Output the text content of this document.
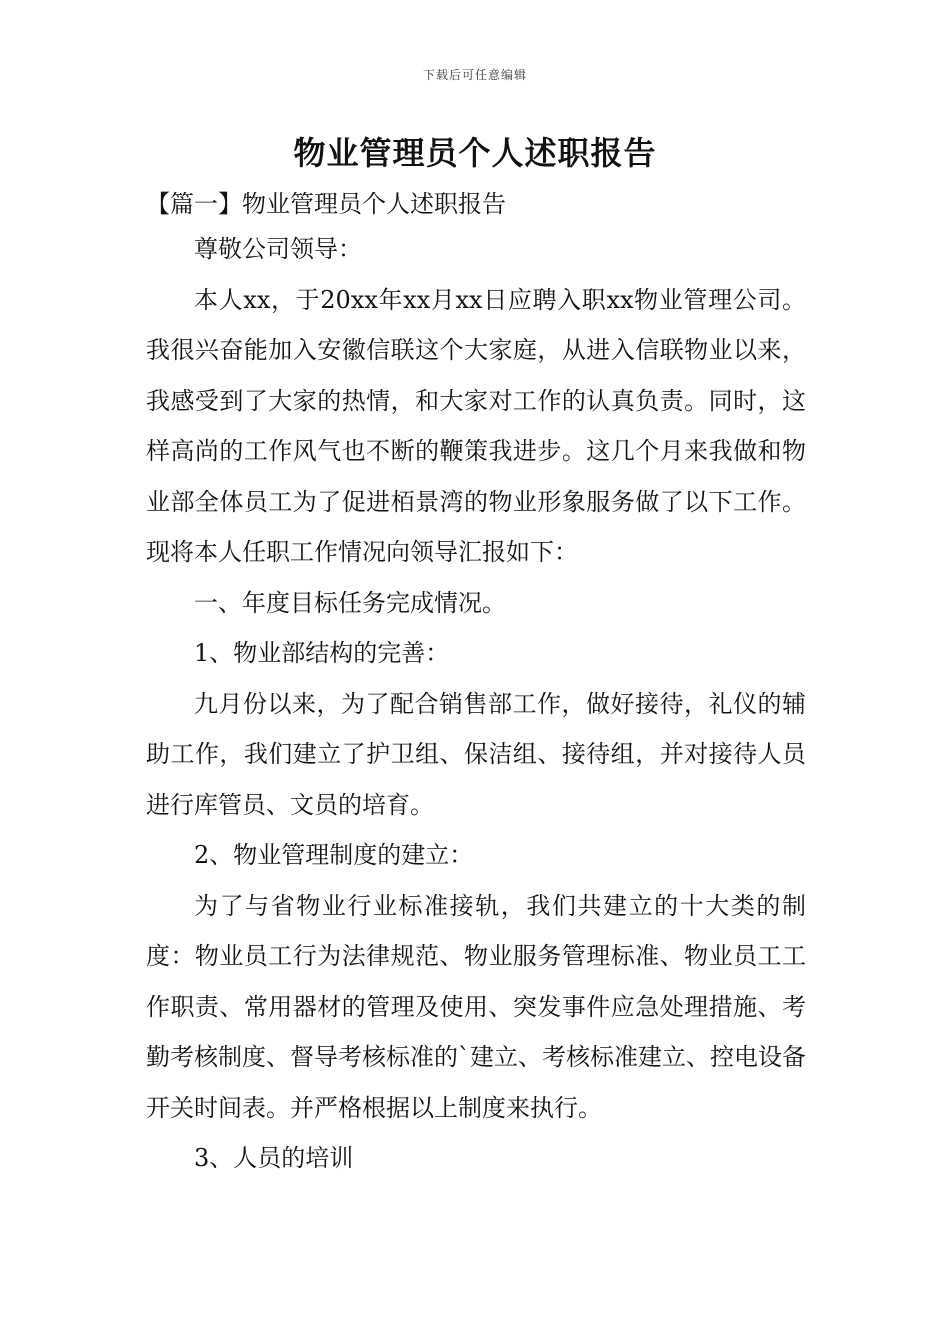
下载后可任意编辑
物业管理员个人述职报告
【篇一】物业管理员个人述职报告

尊敬公司领导：

本人xx，于20xx年xx月xx日应聘入职xx物业管理公司。我很兴奋能加入安徽信联这个大家庭，从进入信联物业以来，我感受到了大家的热情，和大家对工作的认真负责。同时，这样高尚的工作风气也不断的鞭策我进步。这几个月来我做和物业部全体员工为了促进栢景湾的物业形象服务做了以下工作。现将本人任职工作情况向领导汇报如下：

一、年度目标任务完成情况。

1、物业部结构的完善：

九月份以来，为了配合销售部工作，做好接待，礼仪的辅助工作，我们建立了护卫组、保洁组、接待组，并对接待人员进行库管员、文员的培育。

2、物业管理制度的建立：

为了与省物业行业标准接轨，我们共建立的十大类的制度：物业员工行为法律规范、物业服务管理标准、物业员工工作职责、常用器材的管理及使用、突发事件应急处理措施、考勤考核制度、督导考核标准的`建立、考核标准建立、控电设备开关时间表。并严格根据以上制度来执行。

3、人员的培训
